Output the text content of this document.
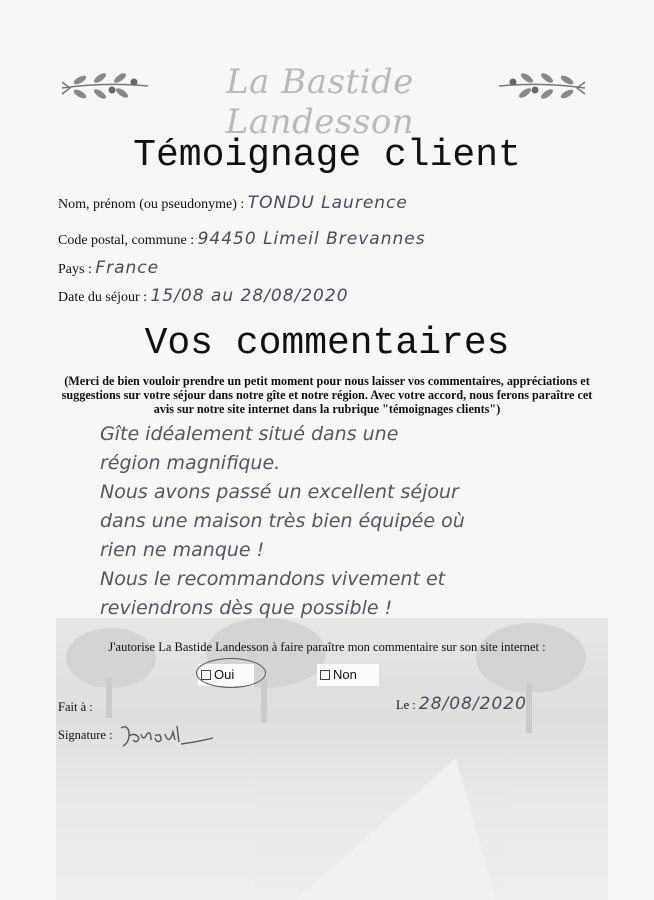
La Bastide Landesson
Témoignage client
Nom, prénom (ou pseudonyme) : TONDU Laurence
Code postal, commune : 94450 Limeil Brevannes
Pays : France
Date du séjour : 15/08 au 28/08/2020
Vos commentaires
(Merci de bien vouloir prendre un petit moment pour nous laisser vos commentaires, appréciations et suggestions sur votre séjour dans notre gîte et notre région. Avec votre accord, nous ferons paraître cet avis sur notre site internet dans la rubrique "témoignages clients")
Gîte idéalement situé dans une
région magnifique.
Nous avons passé un excellent séjour
dans une maison très bien équipée où
rien ne manque !
Nous le recommandons vivement et
reviendrons dès que possible !
J'autorise La Bastide Landesson à faire paraître mon commentaire sur son site internet :
Oui	Non
Fait à :	Le : 28/08/2020
Signature :
